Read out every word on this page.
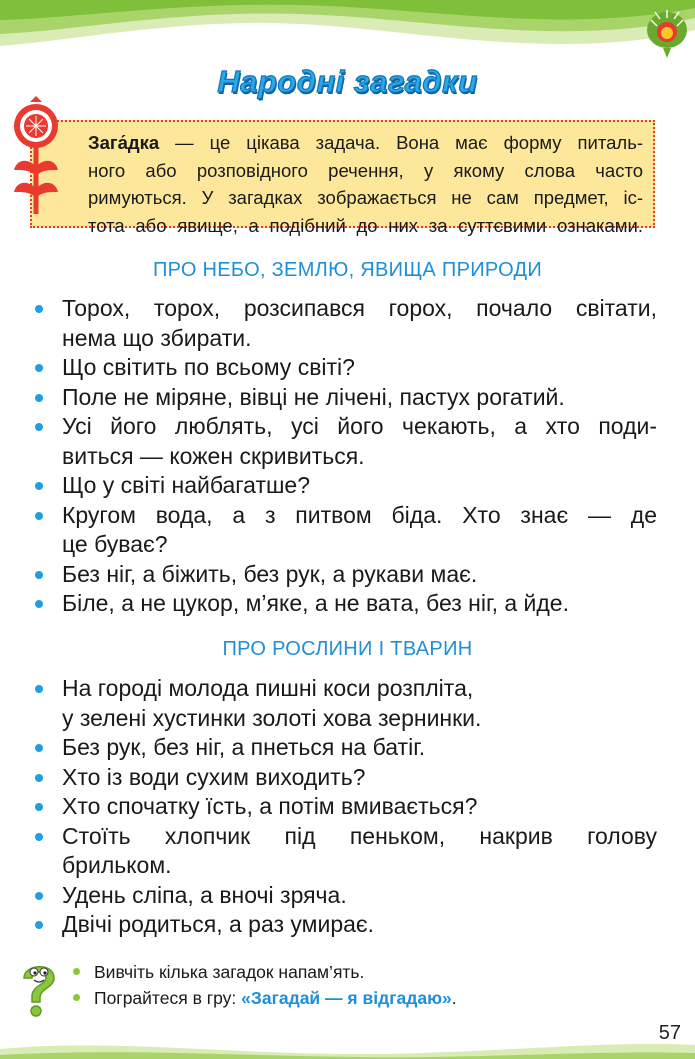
Народні загадки
Зага́дка — це цікава задача. Вона має форму питаль-
ного або розповідного речення, у якому слова часто
римуються. У загадках зображається не сам предмет, іс-
тота або явище, а подібний до них за суттєвими ознаками.
ПРО НЕБО, ЗЕМЛЮ, ЯВИЩА ПРИРОДИ
Торох, торох, розсипався горох, почало світати,
нема що збирати.
Що світить по всьому світі?
Поле не міряне, вівці не лічені, пастух рогатий.
Усі його люблять, усі його чекають, а хто поди-
виться — кожен скривиться.
Що у світі найбагатше?
Кругом вода, а з питвом біда. Хто знає — де
це буває?
Без ніг, а біжить, без рук, а рукави має.
Біле, а не цукор, м’яке, а не вата, без ніг, а йде.
ПРО РОСЛИНИ І ТВАРИН
На городі молода пишні коси розпліта,
у зелені хустинки золоті хова зернинки.
Без рук, без ніг, а пнеться на батіг.
Хто із води сухим виходить?
Хто спочатку їсть, а потім вмивається?
Стоїть хлопчик під пеньком, накрив голову
брильком.
Удень сліпа, а вночі зряча.
Двічі родиться, а раз умирає.
Вивчіть кілька загадок напам’ять.
Пограйтеся в гру: «Загадай — я відгадаю».
57
